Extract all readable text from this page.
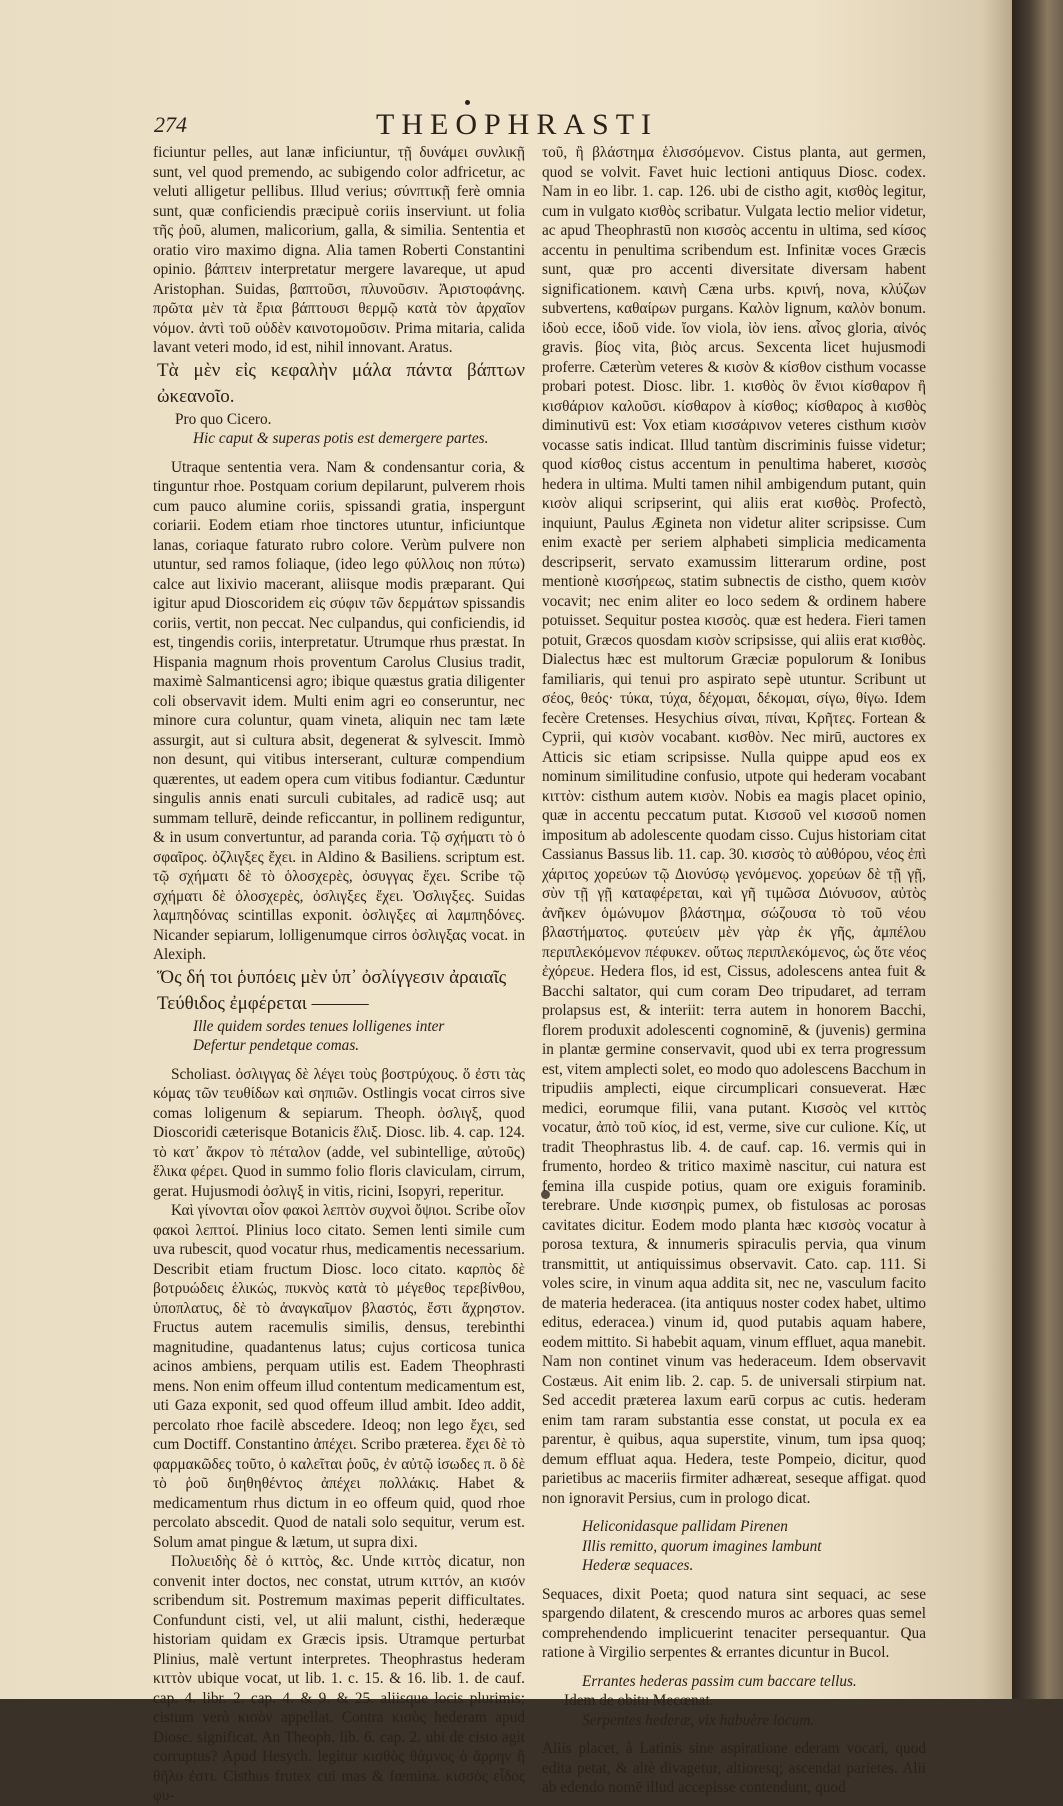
274	THEOPHRASTI

ficiuntur pelles, aut lanæ inficiuntur, τῇ δυνάμει συνλικῇ sunt, vel quod premendo, ac subigendo color adfricetur, ac veluti alligetur pellibus. Illud verius; σύνπτικῇ ferè omnia sunt, quæ conficiendis præcipuè coriis inserviunt. ut folia τῆς ῥοῦ, alumen, malicorium, galla, & similia. Sententia et oratio viro maximo digna. Alia tamen Roberti Constantini opinio. βάπτειν interpretatur mergere lavareque, ut apud Aristophan. Suidas, βαπτοῦσι, πλυνοῦσιν. Ἀριστοφάνης. πρῶτα μὲν τὰ ἔρια βάπτουσι θερμῷ κατὰ τὸν ἀρχαῖον νόμον. ἀντὶ τοῦ οὐδὲν καινοτομοῦσιν. Prima mitaria, calida lavant veteri modo, id est, nihil innovant. Aratus.

Τὰ μὲν εἰς κεφαλὴν μάλα πάντα βάπτων ὠκεανοῖο.

Pro quo Cicero.

Hic caput & superas potis est demergere partes.

Utraque sententia vera. Nam & condensantur coria, & tinguntur rhoe. Postquam corium depilarunt, pulverem rhois cum pauco alumine coriis, spissandi gratia, inspergunt coriarii. Eodem etiam rhoe tinctores utuntur, inficiuntque lanas, coriaque faturato rubro colore. Verùm pulvere non utuntur, sed ramos foliaque, (ideo lego φύλλοις non πύτω) calce aut lixivio macerant, aliisque modis præparant. Qui igitur apud Dioscoridem εἰς σύφιν τῶν δερμάτων spissandis coriis, vertit, non peccat. Nec culpandus, qui conficiendis, id est, tingendis coriis, interpretatur. Utrumque rhus præstat. In Hispania magnum rhois proventum Carolus Clusius tradit, maximè Salmanticensi agro; ibique quæstus gratia diligenter coli observavit idem. Multi enim agri eo conseruntur, nec minore cura coluntur, quam vineta, aliquin nec tam læte assurgit, aut si cultura absit, degenerat & sylvescit. Immò non desunt, qui vitibus interserant, culturæ compendium quærentes, ut eadem opera cum vitibus fodiantur. Cæduntur singulis annis enati surculi cubitales, ad radicē usq; aut summam tellurē, deinde reficcantur, in pollinem rediguntur, & in usum convertuntur, ad paranda coria. Τῷ σχήματι τὸ ὁ σφαῖρος. ὀζλιγξες ἔχει. in Aldino & Basiliens. scriptum est. τῷ σχήματι δὲ τὸ ὁλοσχερὲς, ὀσυγγας ἔχει. Scribe τῷ σχήματι δὲ ὁλοσχερὲς, ὀσλιγξες ἔχει. Ὀσλιγξες. Suidas λαμπηδόνας scintillas exponit. ὀσλιγξες αἱ λαμπηδόνες. Nicander sepiarum, lolligenumque cirros ὀσλιγξας vocat. in Alexiph.

Ὅς δή τοι ῥυπόεις μὲν ὑπ᾽ ὀσλίγγεσιν ἀραιαῖς

Τεύθιδος ἐμφέρεται ———

Ille quidem sordes tenues lolligenes inter

Defertur pendetque comas.

Scholiast. ὀσλιγγας δὲ λέγει τοὺς βοστρύχους. ὅ ἐστι τὰς κόμας τῶν τευθίδων καὶ σηπιῶν. Ostlingis vocat cirros sive comas loligenum & sepiarum. Theoph. ὀσλιγξ, quod Dioscoridi cæterisque Botanicis ἕλιξ. Diosc. lib. 4. cap. 124. τὸ κατ᾽ ἄκρον τὸ πέταλον (adde, vel subintellige, αὐτοῦς) ἕλικα φέρει. Quod in summo folio floris claviculam, cirrum, gerat. Hujusmodi ὀσλιγξ in vitis, ricini, Isopyri, reperitur.

Καὶ γίνονται οἷον φακοὶ λεπτὸν συχνοὶ ὄψιοι. Scribe οἷον φακοὶ λεπτοί. Plinius loco citato. Semen lenti simile cum uva rubescit, quod vocatur rhus, medicamentis necessarium. Describit etiam fructum Diosc. loco citato. καρπὸς δὲ βοτρυώδεις ἑλικώς, πυκνὸς κατὰ τὸ μέγεθος τερεβίνθου, ὑποπλατυς, δὲ τὸ ἀναγκαῖμον βλαστός, ἔστι ἄχρηστον. Fructus autem racemulis similis, densus, terebinthi magnitudine, quadantenus latus; cujus corticosa tunica acinos ambiens, perquam utilis est. Eadem Theophrasti mens. Non enim offeum illud contentum medicamentum est, uti Gaza exponit, sed quod offeum illud ambit. Ideo addit, percolato rhoe facilè abscedere. Ideoq; non lego ἔχει, sed cum Doctiff. Constantino ἀπέχει. Scribo præterea. ἔχει δὲ τὸ φαρμακῶδες τοῦτο, ὁ καλεῖται ῥοῦς, ἐν αὐτῷ ἰσωδες π. ὃ δὲ τὸ ῥοῦ διηθηθέντος ἀπέχει πολλάκις. Habet & medicamentum rhus dictum in eo offeum quid, quod rhoe percolato abscedit. Quod de natali solo sequitur, verum est. Solum amat pingue & lætum, ut supra dixi.

Πολυειδὴς δὲ ὁ κιττὸς, &c. Unde κιττὸς dicatur, non convenit inter doctos, nec constat, utrum κιττόν, an κισόν scribendum sit. Postremum maximas peperit difficultates. Confundunt cisti, vel, ut alii malunt, cisthi, hederæque historiam quidam ex Græcis ipsis. Utramque perturbat Plinius, malè vertunt interpretes. Theophrastus hederam κιττὸν ubique vocat, ut lib. 1. c. 15. & 16. lib. 1. de cauf. cap. 4. libr. 2. cap. 4. & 9. & 25. aliisque locis plurimis; cistum verò κισὸν appellat. Contra κισὸς hederam apud Diosc. significat. An Theoph. lib. 6. cap. 2. ubi de cisto agit corruptus? Apud Hesych. legitur κισθὸς θάμνος ὁ ἄρρην ἢ θῆλυ ἐστι. Cisthus frutex cui mas & fœmina. κισσὸς εἶδος φυ-

τοῦ, ἢ βλάστημα ἑλισσόμενον. Cistus planta, aut germen, quod se volvit. Favet huic lectioni antiquus Diosc. codex. Nam in eo libr. 1. cap. 126. ubi de cistho agit, κισθὸς legitur, cum in vulgato κισθὸς scribatur. Vulgata lectio melior videtur, ac apud Theophrastū non κισσὸς accentu in ultima, sed κίσος accentu in penultima scribendum est. Infinitæ voces Græcis sunt, quæ pro accenti diversitate diversam habent significationem. καινὴ Cæna urbs. κρινή, nova, κλύζων subvertens, καθαίρων purgans. Καλὸν lignum, καλὸν bonum. ἰδοὺ ecce, ἰδοῦ vide. ἴον viola, ἰὸν iens. αἶνος gloria, αἰνός gravis. βίος vita, βιὸς arcus. Sexcenta licet hujusmodi proferre. Cæterùm veteres & κισὸν & κίσθον cisthum vocasse probari potest. Diosc. libr. 1. κισθὸς ὃν ἔνιοι κίσθαρον ἢ κισθάριον καλοῦσι. κίσθαρον à κίσθος; κίσθαρος à κισθὸς diminutivū est: Vox etiam κισσάρινον veteres cisthum κισὸν vocasse satis indicat. Illud tantùm discriminis fuisse videtur; quod κίσθος cistus accentum in penultima haberet, κισσὸς hedera in ultima. Multi tamen nihil ambigendum putant, quin κισὸν aliqui scripserint, qui aliis erat κισθὸς. Profectò, inquiunt, Paulus Ægineta non videtur aliter scripsisse. Cum enim exactè per seriem alphabeti simplicia medicamenta descripserit, servato examussim litterarum ordine, post mentionè κισσήρεως, statim subnectis de cistho, quem κισὸν vocavit; nec enim aliter eo loco sedem & ordinem habere potuisset. Sequitur postea κισσὸς. quæ est hedera. Fieri tamen potuit, Græcos quosdam κισὸν scripsisse, qui aliis erat κισθὸς. Dialectus hæc est multorum Græciæ populorum & Ionibus familiaris, qui tenui pro aspirato sepè utuntur. Scribunt ut σέος, θεός· τύκα, τύχα, δέχομαι, δέκομαι, σίγω, θίγω. Idem fecère Cretenses. Hesychius σίναι, πίναι, Κρῆτες. Fortean & Cyprii, qui κισὸν vocabant. κισθὸν. Nec mirū, auctores ex Atticis sic etiam scripsisse. Nulla quippe apud eos ex nominum similitudine confusio, utpote qui hederam vocabant κιττὸν: cisthum autem κισὸν. Nobis ea magis placet opinio, quæ in accentu peccatum putat. Κισσοῦ vel κισσοῦ nomen impositum ab adolescente quodam cisso. Cujus historiam citat Cassianus Bassus lib. 11. cap. 30. κισσὸς τὸ αὐθόρου, νέος ἐπὶ χάριτος χορεύων τῷ Διονύσῳ γενόμενος. χορεύων δὲ τῇ γῇ, σὺν τῇ γῇ καταφέρεται, καὶ γῆ τιμῶσα Διόνυσον, αὐτὸς ἀνῆκεν ὁμώνυμον βλάστημα, σώζουσα τὸ τοῦ νέου βλαστήματος. φυτεύειν μὲν γὰρ ἐκ γῆς, ἀμπέλου περιπλεκόμενον πέφυκεν. οὕτως περιπλεκόμενος, ὡς ὅτε νέος ἐχόρευε. Hedera flos, id est, Cissus, adolescens antea fuit & Bacchi saltator, qui cum coram Deo tripudaret, ad terram prolapsus est, & interiit: terra autem in honorem Bacchi, florem produxit adolescenti cognominē, & (juvenis) germina in plantæ germine conservavit, quod ubi ex terra progressum est, vitem amplecti solet, eo modo quo adolescens Bacchum in tripudiis amplecti, eique circumplicari consueverat. Hæc medici, eorumque filii, vana putant. Κισσὸς vel κιττὸς vocatur, ἀπὸ τοῦ κίος, id est, verme, sive cur culione. Κίς, ut tradit Theophrastus lib. 4. de cauf. cap. 16. vermis qui in frumento, hordeo & tritico maximè nascitur, cui natura est femina illa cuspide potius, quam ore exiguis foraminib. terebrare. Unde κισσηρὶς pumex, ob fistulosas ac porosas cavitates dicitur. Eodem modo planta hæc κισσὸς vocatur à porosa textura, & innumeris spiraculis pervia, qua vinum transmittit, ut antiquissimus observavit. Cato. cap. 111. Si voles scire, in vinum aqua addita sit, nec ne, vasculum facito de materia hederacea. (ita antiquus noster codex habet, ultimo editus, ederacea.) vinum id, quod putabis aquam habere, eodem mittito. Si habebit aquam, vinum effluet, aqua manebit. Nam non continet vinum vas hederaceum. Idem observavit Costæus. Ait enim lib. 2. cap. 5. de universali stirpium nat. Sed accedit præterea laxum earū corpus ac cutis. hederam enim tam raram substantia esse constat, ut pocula ex ea parentur, è quibus, aqua superstite, vinum, tum ipsa quoq; demum effluat aqua. Hedera, teste Pompeio, dicitur, quod parietibus ac maceriis firmiter adhæreat, seseque affigat. quod non ignoravit Persius, cum in prologo dicat.

Heliconidasque pallidam Pirenen

Illis remitto, quorum imagines lambunt

Hederæ sequaces.

Sequaces, dixit Poeta; quod natura sint sequaci, ac sese spargendo dilatent, & crescendo muros ac arbores quas semel comprehendendo implicuerint tenaciter persequantur. Qua ratione à Virgilio serpentes & errantes dicuntur in Bucol.

Errantes hederas passim cum baccare tellus.

Idem de obitu Mecœnat.

Serpentes hederæ, vix habuère locum.

Aliis placet, à Latinis sine aspiratione ederam vocari, quod edita petat, & altè divagetur, altioresq; ascendat parietes. Alii ab edendo nomē illud accepisse contendunt, quod
